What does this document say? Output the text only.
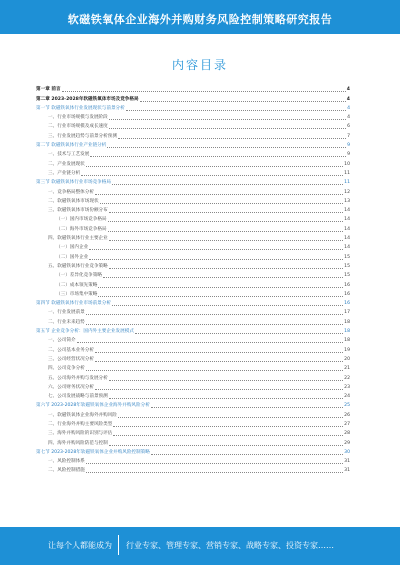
软磁铁氧体企业海外并购财务风险控制策略研究报告
内容目录
第一章 前言	4
第二章 2023-2028年软磁铁氧体市场及竞争格局	4
第一节 软磁铁氧体行业发展现状与前景分析	4
一、行业市场规模与发展阶段	4
二、行业市场规模及成长速度	6
三、行业发展趋势与前景分析预测	7
第二节 软磁铁氧体行业产业链分析	9
一、技术与工艺发展	9
二、产业发展现状	10
三、产业链分析	11
第三节 软磁铁氧体行业市场竞争格局	11
一、竞争格局整体分析	12
二、软磁铁氧体市场现状	13
三、软磁铁氧体市场份额分布	14
（一）国内市场竞争格局	14
（二）海外市场竞争格局	14
四、软磁铁氧体行业主要企业	14
（一）国内企业	14
（二）国外企业	15
五、软磁铁氧体行业竞争策略	15
（一）差异化竞争策略	15
（二）成本领先策略	16
（三）市场集中策略	16
第四节 软磁铁氧体行业市场前景分析	16
一、行业发展前景	17
二、行业未来趋势	18
第五节 企业竞争分析：国内外主要企业发展模式	18
一、公司简介	18
二、公司基本业务分析	19
三、公司经营状况分析	20
四、公司竞争分析	21
五、公司海外并购与发展分析	22
六、公司财务状况分析	23
七、公司发展战略与前景预测	24
第六节 2023-2028年软磁铁氧体企业海外并购风险分析	25
一、软磁铁氧体企业海外并购风险	26
二、行业海外并购主要风险类型	27
三、海外并购风险的识别与评估	28
四、海外并购风险防范与控制	29
第七节 2023-2028年软磁铁氧体企业并购风险控制策略	30
一、风险控制体系	31
二、风险控制措施	31
让每个人都能成为 行业专家、管理专家、营销专家、战略专家、投资专家……
